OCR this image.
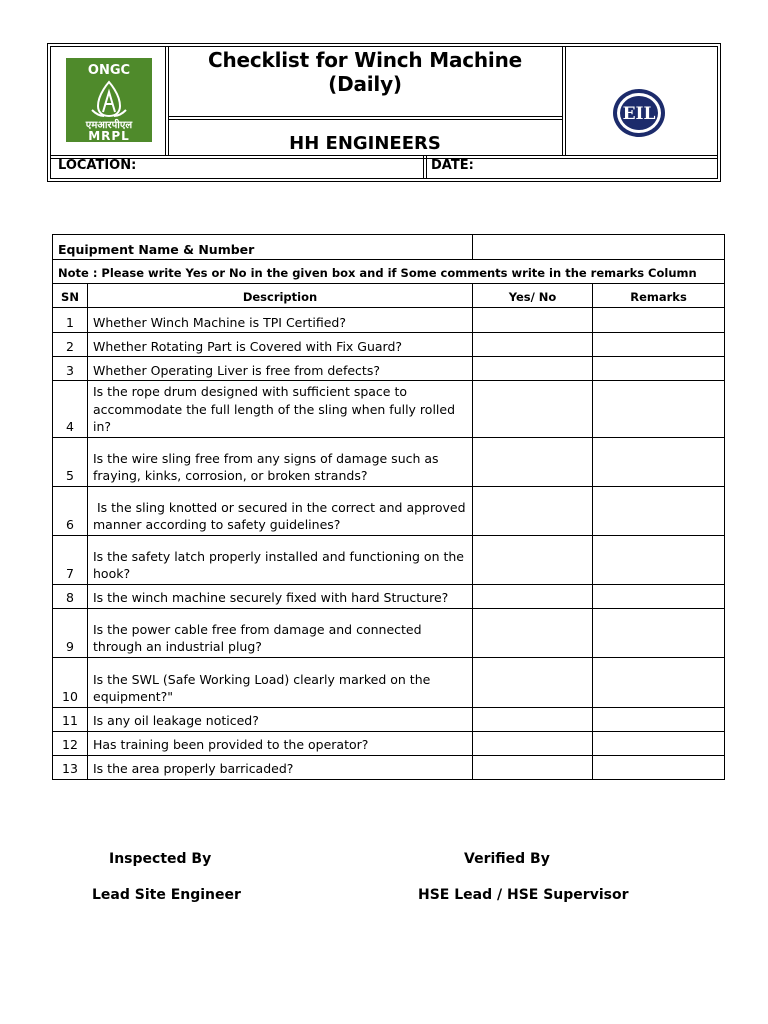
ONGC
एमआरपीएल
MRPL
Checklist for Winch Machine (Daily)
HH ENGINEERS
EIL
LOCATION:	DATE:
Equipment Name & Number			
Note : Please write Yes or No in the given box and if Some comments write in the remarks Column			
SN	Description	Yes/ No	Remarks
1	Whether Winch Machine is TPI Certified?		
2	Whether Rotating Part is Covered with Fix Guard?		
3	Whether Operating Liver is free from defects?		
4	Is the rope drum designed with sufficient space to accommodate the full length of the sling when fully rolled in?		
5	Is the wire sling free from any signs of damage such as fraying, kinks, corrosion, or broken strands?		
6	Is the sling knotted or secured in the correct and approved manner according to safety guidelines?		
7	Is the safety latch properly installed and functioning on the hook?		
8	Is the winch machine securely fixed with hard Structure?		
9	Is the power cable free from damage and connected through an industrial plug?		
10	Is the SWL (Safe Working Load) clearly marked on the equipment?"		
11	Is any oil leakage noticed?		
12	Has training been provided to the operator?		
13	Is the area properly barricaded?		
Inspected By
Lead Site Engineer
Verified By
HSE Lead / HSE Supervisor
